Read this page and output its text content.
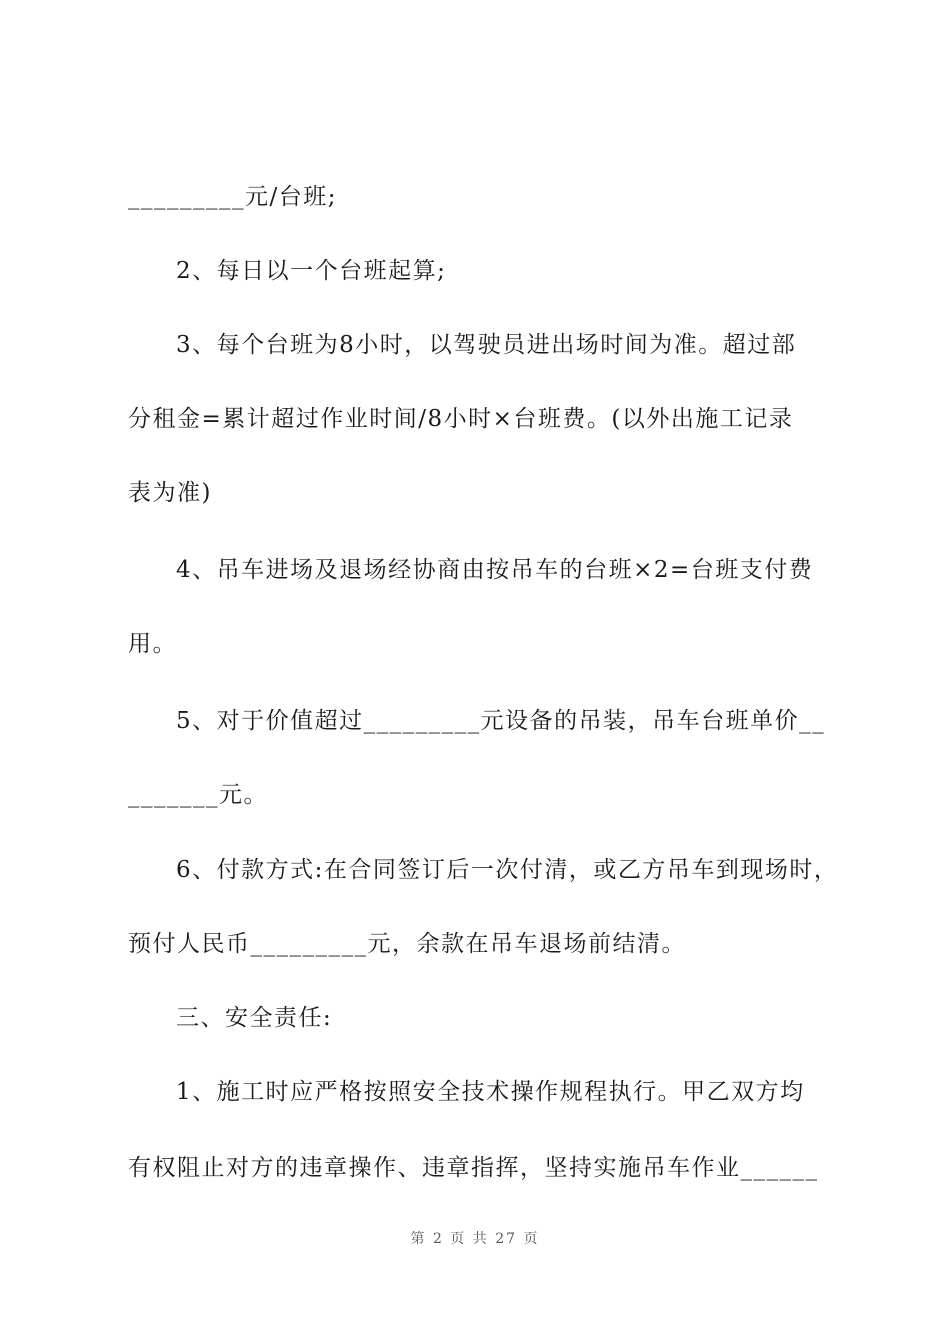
_________元/台班;
2、每日以一个台班起算;
3、每个台班为8小时，以驾驶员进出场时间为准。超过部
分租金=累计超过作业时间/8小时×台班费。(以外出施工记录
表为准)
4、吊车进场及退场经协商由按吊车的台班×2=台班支付费
用。
5、对于价值超过_________元设备的吊装，吊车台班单价__
_______元。
6、付款方式:在合同签订后一次付清，或乙方吊车到现场时，
预付人民币_________元，余款在吊车退场前结清。
三、安全责任:
1、施工时应严格按照安全技术操作规程执行。甲乙双方均
有权阻止对方的违章操作、违章指挥，坚持实施吊车作业______
第 2 页 共 27 页
